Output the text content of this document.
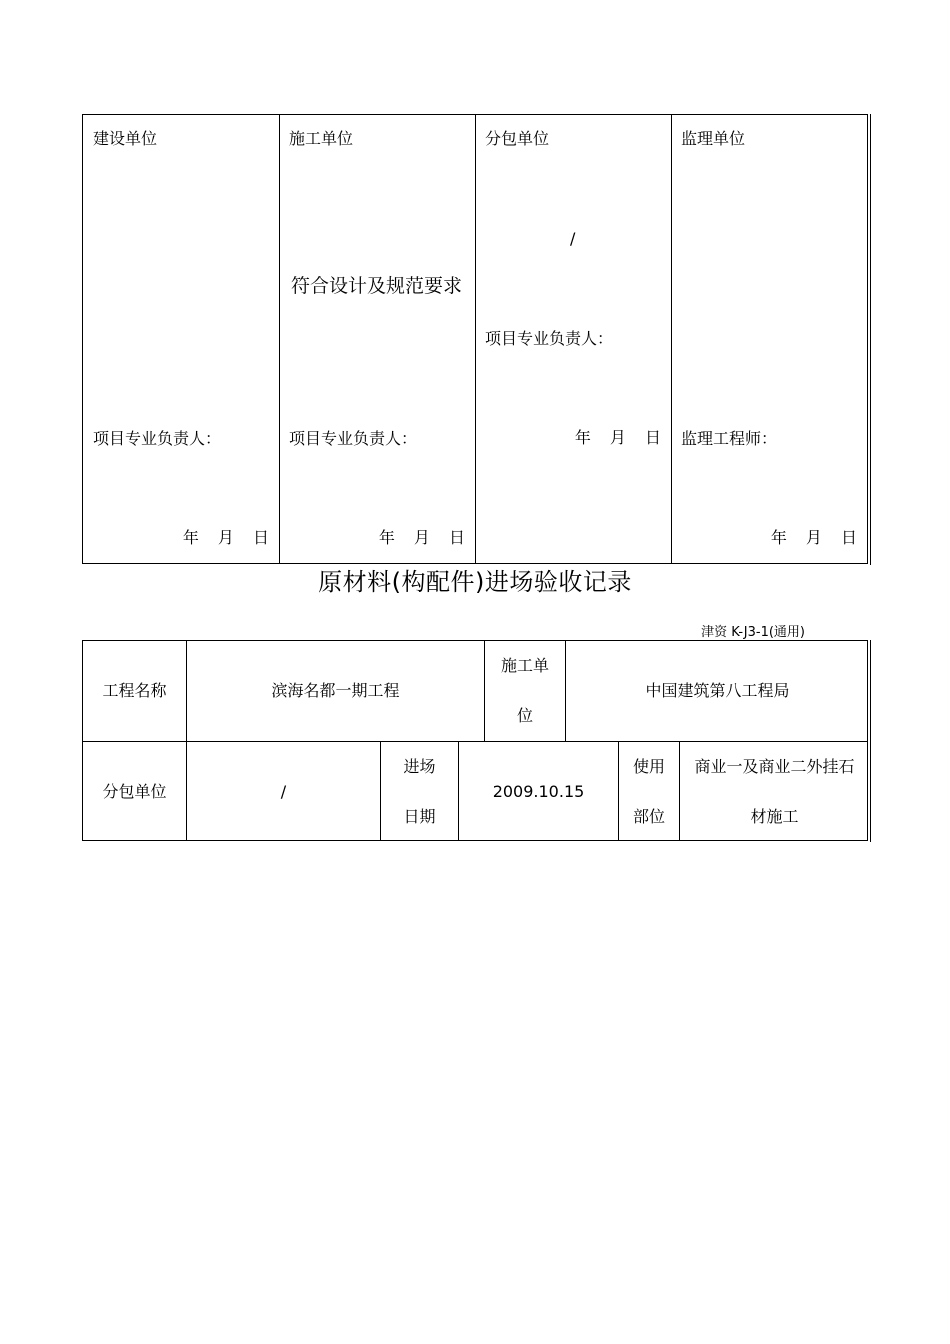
建设单位
项目专业负责人：
年 月 日
施工单位
符合设计及规范要求
项目专业负责人：
年 月 日
分包单位
/
项目专业负责人：
年 月 日
监理单位
监理工程师：
年 月 日
原材料(构配件)进场验收记录
津资 K-J3-1(通用)
工程名称	滨海名都一期工程
施工单
位
中国建筑第八工程局
分包单位	/
进场
日期
2009.10.15
使用
部位
商业一及商业二外挂石
材施工
